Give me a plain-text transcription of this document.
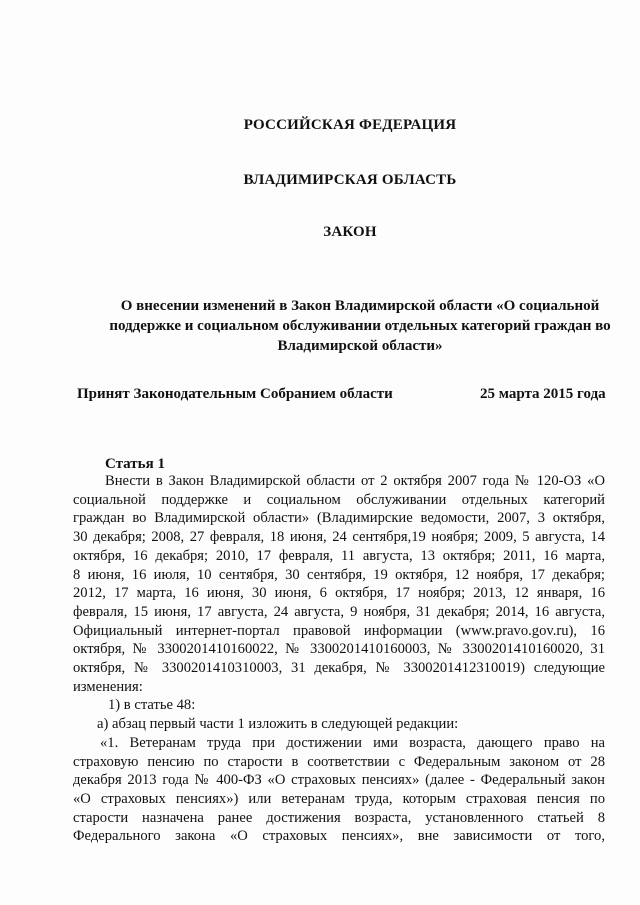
РОССИЙСКАЯ ФЕДЕРАЦИЯ
ВЛАДИМИРСКАЯ ОБЛАСТЬ
ЗАКОН
О внесении изменений в Закон Владимирской области «О социальной
поддержке и социальном обслуживании отдельных категорий граждан во
Владимирской области»
Принят Законодательным Собранием области	25 марта 2015 года
Статья 1
Внести в Закон Владимирской области от 2 октября 2007 года № 120-ОЗ «О
социальной поддержке и социальном обслуживании отдельных категорий
граждан во Владимирской области» (Владимирские ведомости, 2007, 3 октября,
30 декабря; 2008, 27 февраля, 18 июня, 24 сентября,19 ноября; 2009, 5 августа, 14
октября, 16 декабря; 2010, 17 февраля, 11 августа, 13 октября; 2011, 16 марта,
8 июня, 16 июля, 10 сентября, 30 сентября, 19 октября, 12 ноября, 17 декабря;
2012, 17 марта, 16 июня, 30 июня, 6 октября, 17 ноября; 2013, 12 января, 16
февраля, 15 июня, 17 августа, 24 августа, 9 ноября, 31 декабря; 2014, 16 августа,
Официальный интернет-портал правовой информации (www.pravo.gov.ru), 16
октября, № 3300201410160022, № 3300201410160003, № 3300201410160020, 31
октября, № 3300201410310003, 31 декабря, № 3300201412310019) следующие
изменения:
1) в статье 48:
а) абзац первый части 1 изложить в следующей редакции:
«1. Ветеранам труда при достижении ими возраста, дающего право на
страховую пенсию по старости в соответствии с Федеральным законом от 28
декабря 2013 года № 400-ФЗ «О страховых пенсиях» (далее - Федеральный закон
«О страховых пенсиях») или ветеранам труда, которым страховая пенсия по
старости назначена ранее достижения возраста, установленного статьей 8
Федерального закона «О страховых пенсиях», вне зависимости от того,
